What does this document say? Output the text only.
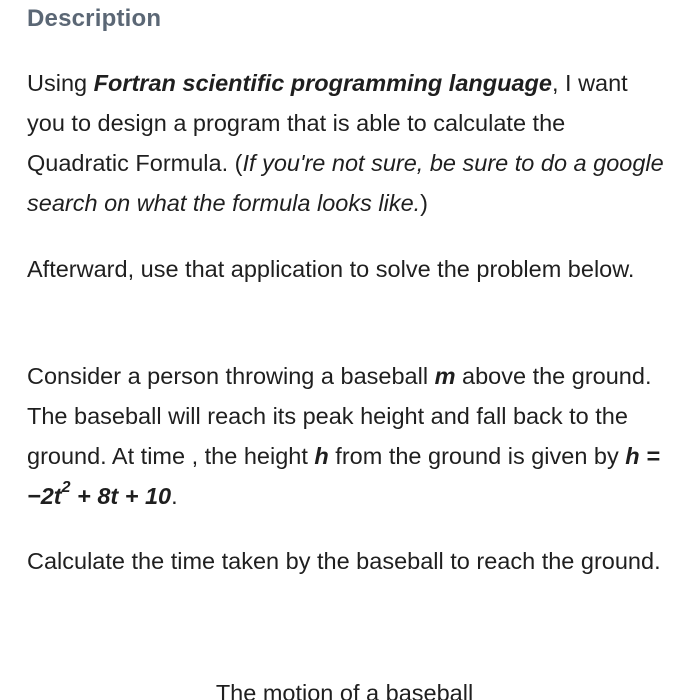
Description

Using Fortran scientific programming language, I want you to design a program that is able to calculate the Quadratic Formula. (If you're not sure, be sure to do a google search on what the formula looks like.)

Afterward, use that application to solve the problem below.

Consider a person throwing a baseball m above the ground. The baseball will reach its peak height and fall back to the ground. At time , the height h from the ground is given by $h = -2t^2 + 8t + 10$.

Calculate the time taken by the baseball to reach the ground.

The motion of a baseball
